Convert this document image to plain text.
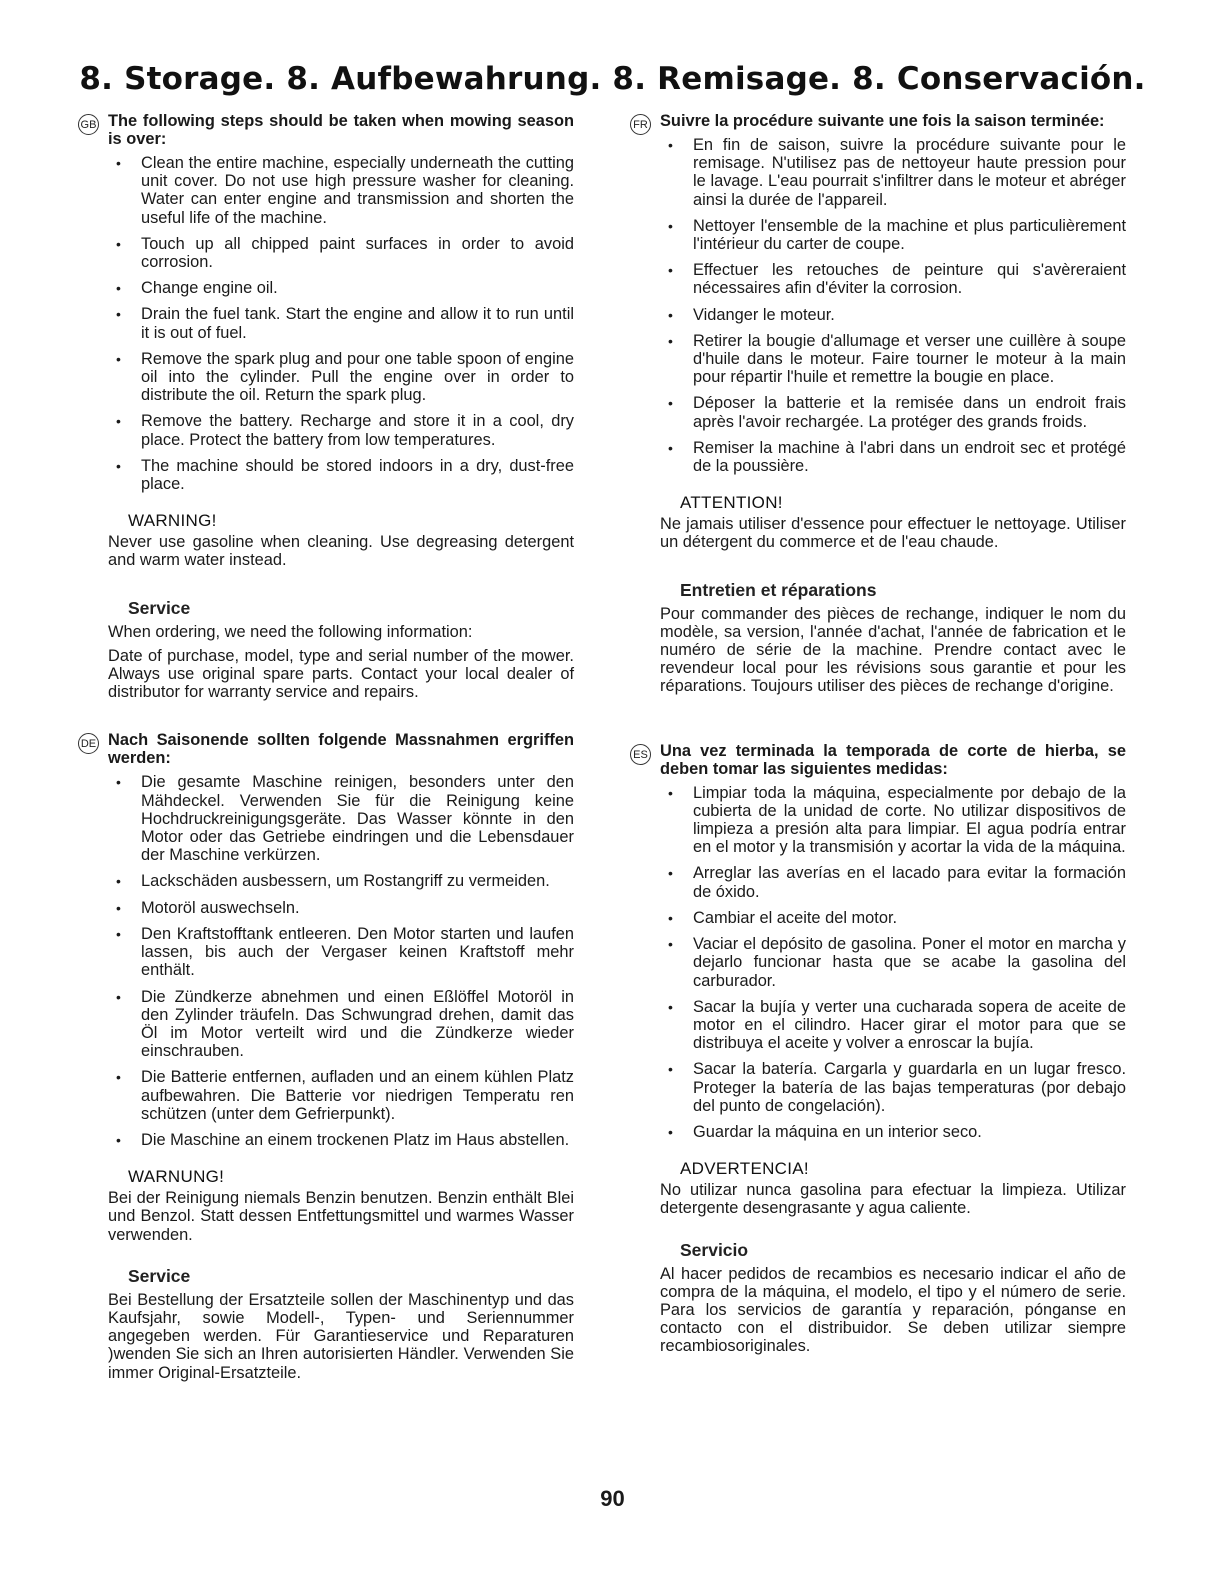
8. Storage. 8. Aufbewahrung. 8. Remisage. 8. Conservación.
GB The following steps should be taken when mowing season is over:

• Clean the entire machine, especially underneath the cutting unit cover. Do not use high pressure washer for cleaning. Water can enter engine and transmission and shorten the useful life of the machine.
• Touch up all chipped paint surfaces in order to avoid corrosion.
• Change engine oil.
• Drain the fuel tank. Start the engine and allow it to run until it is out of fuel.
• Remove the spark plug and pour one table spoon of engine oil into the cylinder. Pull the engine over in order to distribute the oil. Return the spark plug.
• Remove the battery. Recharge and store it in a cool, dry place. Protect the battery from low temperatures.
• The machine should be stored indoors in a dry, dust-free place.
WARNING!

Never use gasoline when cleaning. Use degreasing detergent and warm water instead.

Service

When ordering, we need the following information:

Date of purchase, model, type and serial number of the mower. Always use original spare parts. Contact your local dealer of distributor for warranty service and repairs.

DE Nach Saisonende sollten folgende Massnahmen ergriffen werden:

• Die gesamte Maschine reinigen, besonders unter den Mähdeckel. Verwenden Sie für die Reinigung keine Hochdruckreinigungsgeräte. Das Wasser könnte in den Motor oder das Getriebe eindringen und die Lebensdauer der Maschine verkürzen.
• Lackschäden ausbessern, um Rostangriff zu vermeiden.
• Motoröl auswechseln.
• Den Kraftstofftank entleeren. Den Motor starten und laufen lassen, bis auch der Vergaser keinen Kraftstoff mehr enthält.
• Die Zündkerze abnehmen und einen Eßlöffel Motoröl in den Zylinder träufeln. Das Schwungrad drehen, damit das Öl im Motor verteilt wird und die Zündkerze wieder einschrauben.
• Die Batterie entfernen, aufladen und an einem kühlen Platz aufbewahren. Die Batterie vor niedrigen Temperatu ren schützen (unter dem Gefrierpunkt).
• Die Maschine an einem trockenen Platz im Haus abstellen.
WARNUNG!

Bei der Reinigung niemals Benzin benutzen. Benzin enthält Blei und Benzol. Statt dessen Entfettungsmittel und warmes Wasser verwenden.

Service

Bei Bestellung der Ersatzteile sollen der Maschinentyp und das Kaufsjahr, sowie Modell-, Typen- und Seriennummer angegeben werden. Für Garantieservice und Reparaturen )wenden Sie sich an Ihren autorisierten Händler. Verwenden Sie immer Original-Ersatzteile.

FR Suivre la procédure suivante une fois la saison terminée:

• En fin de saison, suivre la procédure suivante pour le remisage. N'utilisez pas de nettoyeur haute pression pour le lavage. L'eau pourrait s'infiltrer dans le moteur et abréger ainsi la durée de l'appareil.
• Nettoyer l'ensemble de la machine et plus particulièrement l'intérieur du carter de coupe.
• Effectuer les retouches de peinture qui s'avèreraient nécessaires afin d'éviter la corrosion.
• Vidanger le moteur.
• Retirer la bougie d'allumage et verser une cuillère à soupe d'huile dans le moteur. Faire tourner le moteur à la main pour répartir l'huile et remettre la bougie en place.
• Déposer la batterie et la remisée dans un endroit frais après l'avoir rechargée. La protéger des grands froids.
• Remiser la machine à l'abri dans un endroit sec et protégé de la poussière.
ATTENTION!

Ne jamais utiliser d'essence pour effectuer le nettoyage. Utiliser un détergent du commerce et de l'eau chaude.

Entretien et réparations

Pour commander des pièces de rechange, indiquer le nom du modèle, sa version, l'année d'achat, l'année de fabrication et le numéro de série de la machine. Prendre contact avec le revendeur local pour les révisions sous garantie et pour les réparations. Toujours utiliser des pièces de rechange d'origine.

ES Una vez terminada la temporada de corte de hierba, se deben tomar las siguientes medidas:

• Limpiar toda la máquina, especialmente por debajo de la cubierta de la unidad de corte. No utilizar dispositivos de limpieza a presión alta para limpiar. El agua podría entrar en el motor y la transmisión y acortar la vida de la máquina.
• Arreglar las averías en el lacado para evitar la formación de óxido.
• Cambiar el aceite del motor.
• Vaciar el depósito de gasolina. Poner el motor en marcha y dejarlo funcionar hasta que se acabe la gasolina del carburador.
• Sacar la bujía y verter una cucharada sopera de aceite de motor en el cilindro. Hacer girar el motor para que se distribuya el aceite y volver a enroscar la bujía.
• Sacar la batería. Cargarla y guardarla en un lugar fresco. Proteger la batería de las bajas temperaturas (por debajo del punto de congelación).
• Guardar la máquina en un interior seco.
ADVERTENCIA!

No utilizar nunca gasolina para efectuar la limpieza. Utilizar detergente desengrasante y agua caliente.

Servicio

Al hacer pedidos de recambios es necesario indicar el año de compra de la máquina, el modelo, el tipo y el número de serie. Para los servicios de garantía y reparación, pónganse en contacto con el distribuidor. Se deben utilizar siempre recambiosoriginales.

90
